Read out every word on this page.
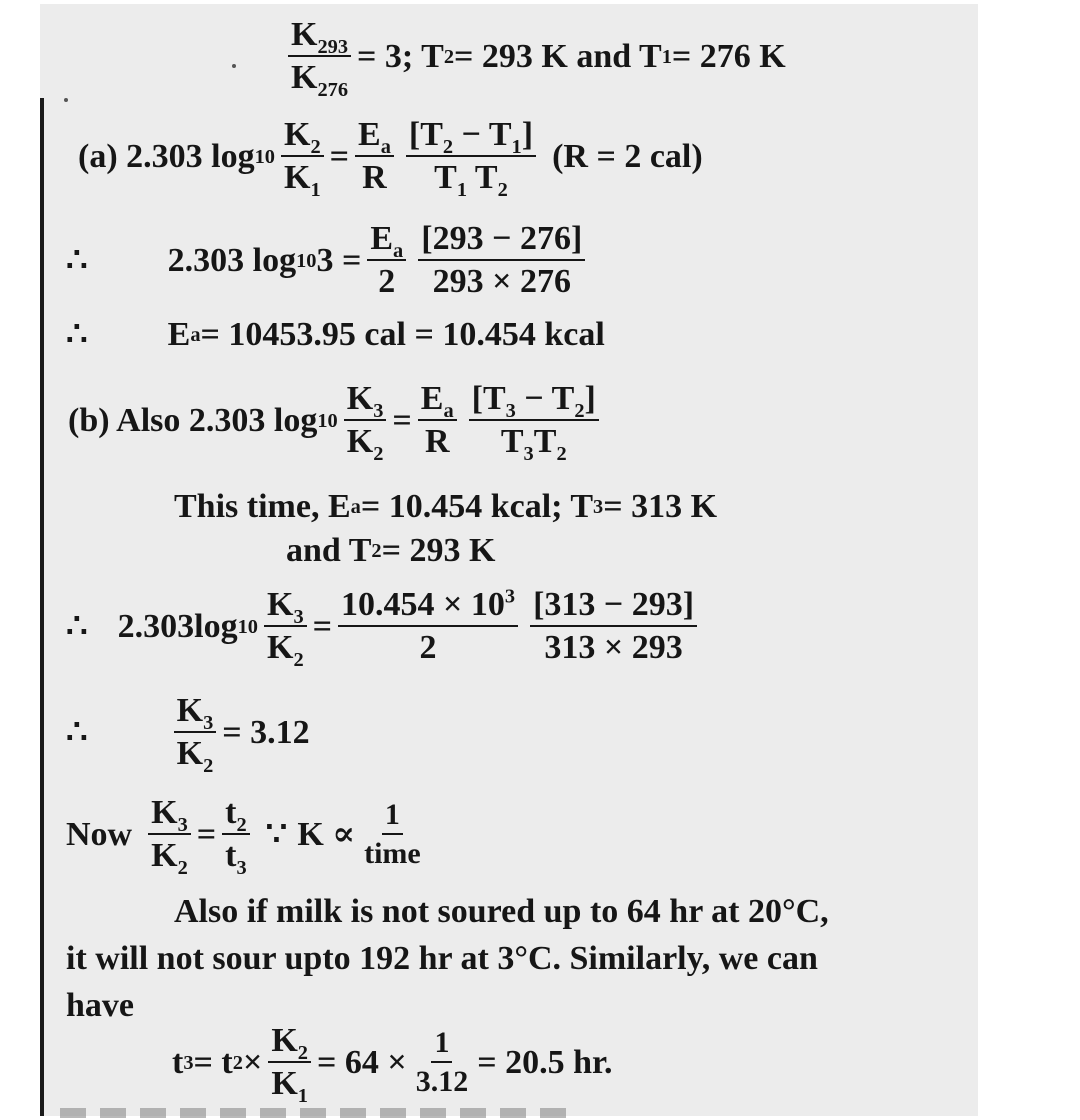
$\frac{K_{293}}{K_{276}} = 3$; T 2 = 293 K and T 1 = 276 K
(a) 2.303 $\log 10 \frac{K_2}{K_1} = \frac{E_a}{R} \frac{[T_2 - T_1]}{T_1 T_2} (R = 2$ cal)
∴ 2.303 log 10 $3 = \frac{E_a}{2} \frac{[293 - 276]}{293 \times 276}$
∴ E a = 10453.95 cal = 10.454 kcal
(b) Also 2.303 $\log 10 \frac{K_3}{K_2} = \frac{E_a}{R} \frac{[T_3 - T_2]}{T_3T_2}$
This time, E a = 10.454 kcal; T 3 = 313 K
and T 2 = 293 K
∴ 2.303log $10 \frac{K_3}{K_2} = \frac{10.454 \times 10^3}{2} \frac{[313 - 293]}{313 \times 293}$
∴	$\frac{K_3}{K_2} = 3.12$
Now $\frac{K_3}{K_2} = \frac{t_2}{t_3}$ ∵ $K \propto \frac{1}{\text{time}}$
Also if milk is not soured up to 64 hr at 20°C,
it will not sour upto 192 hr at 3°C. Similarly, we can
have
t 3 = t $2 \times \frac{K_2}{K_1} = 64 \times \frac{1}{3.12} = 20.5$ hr.
